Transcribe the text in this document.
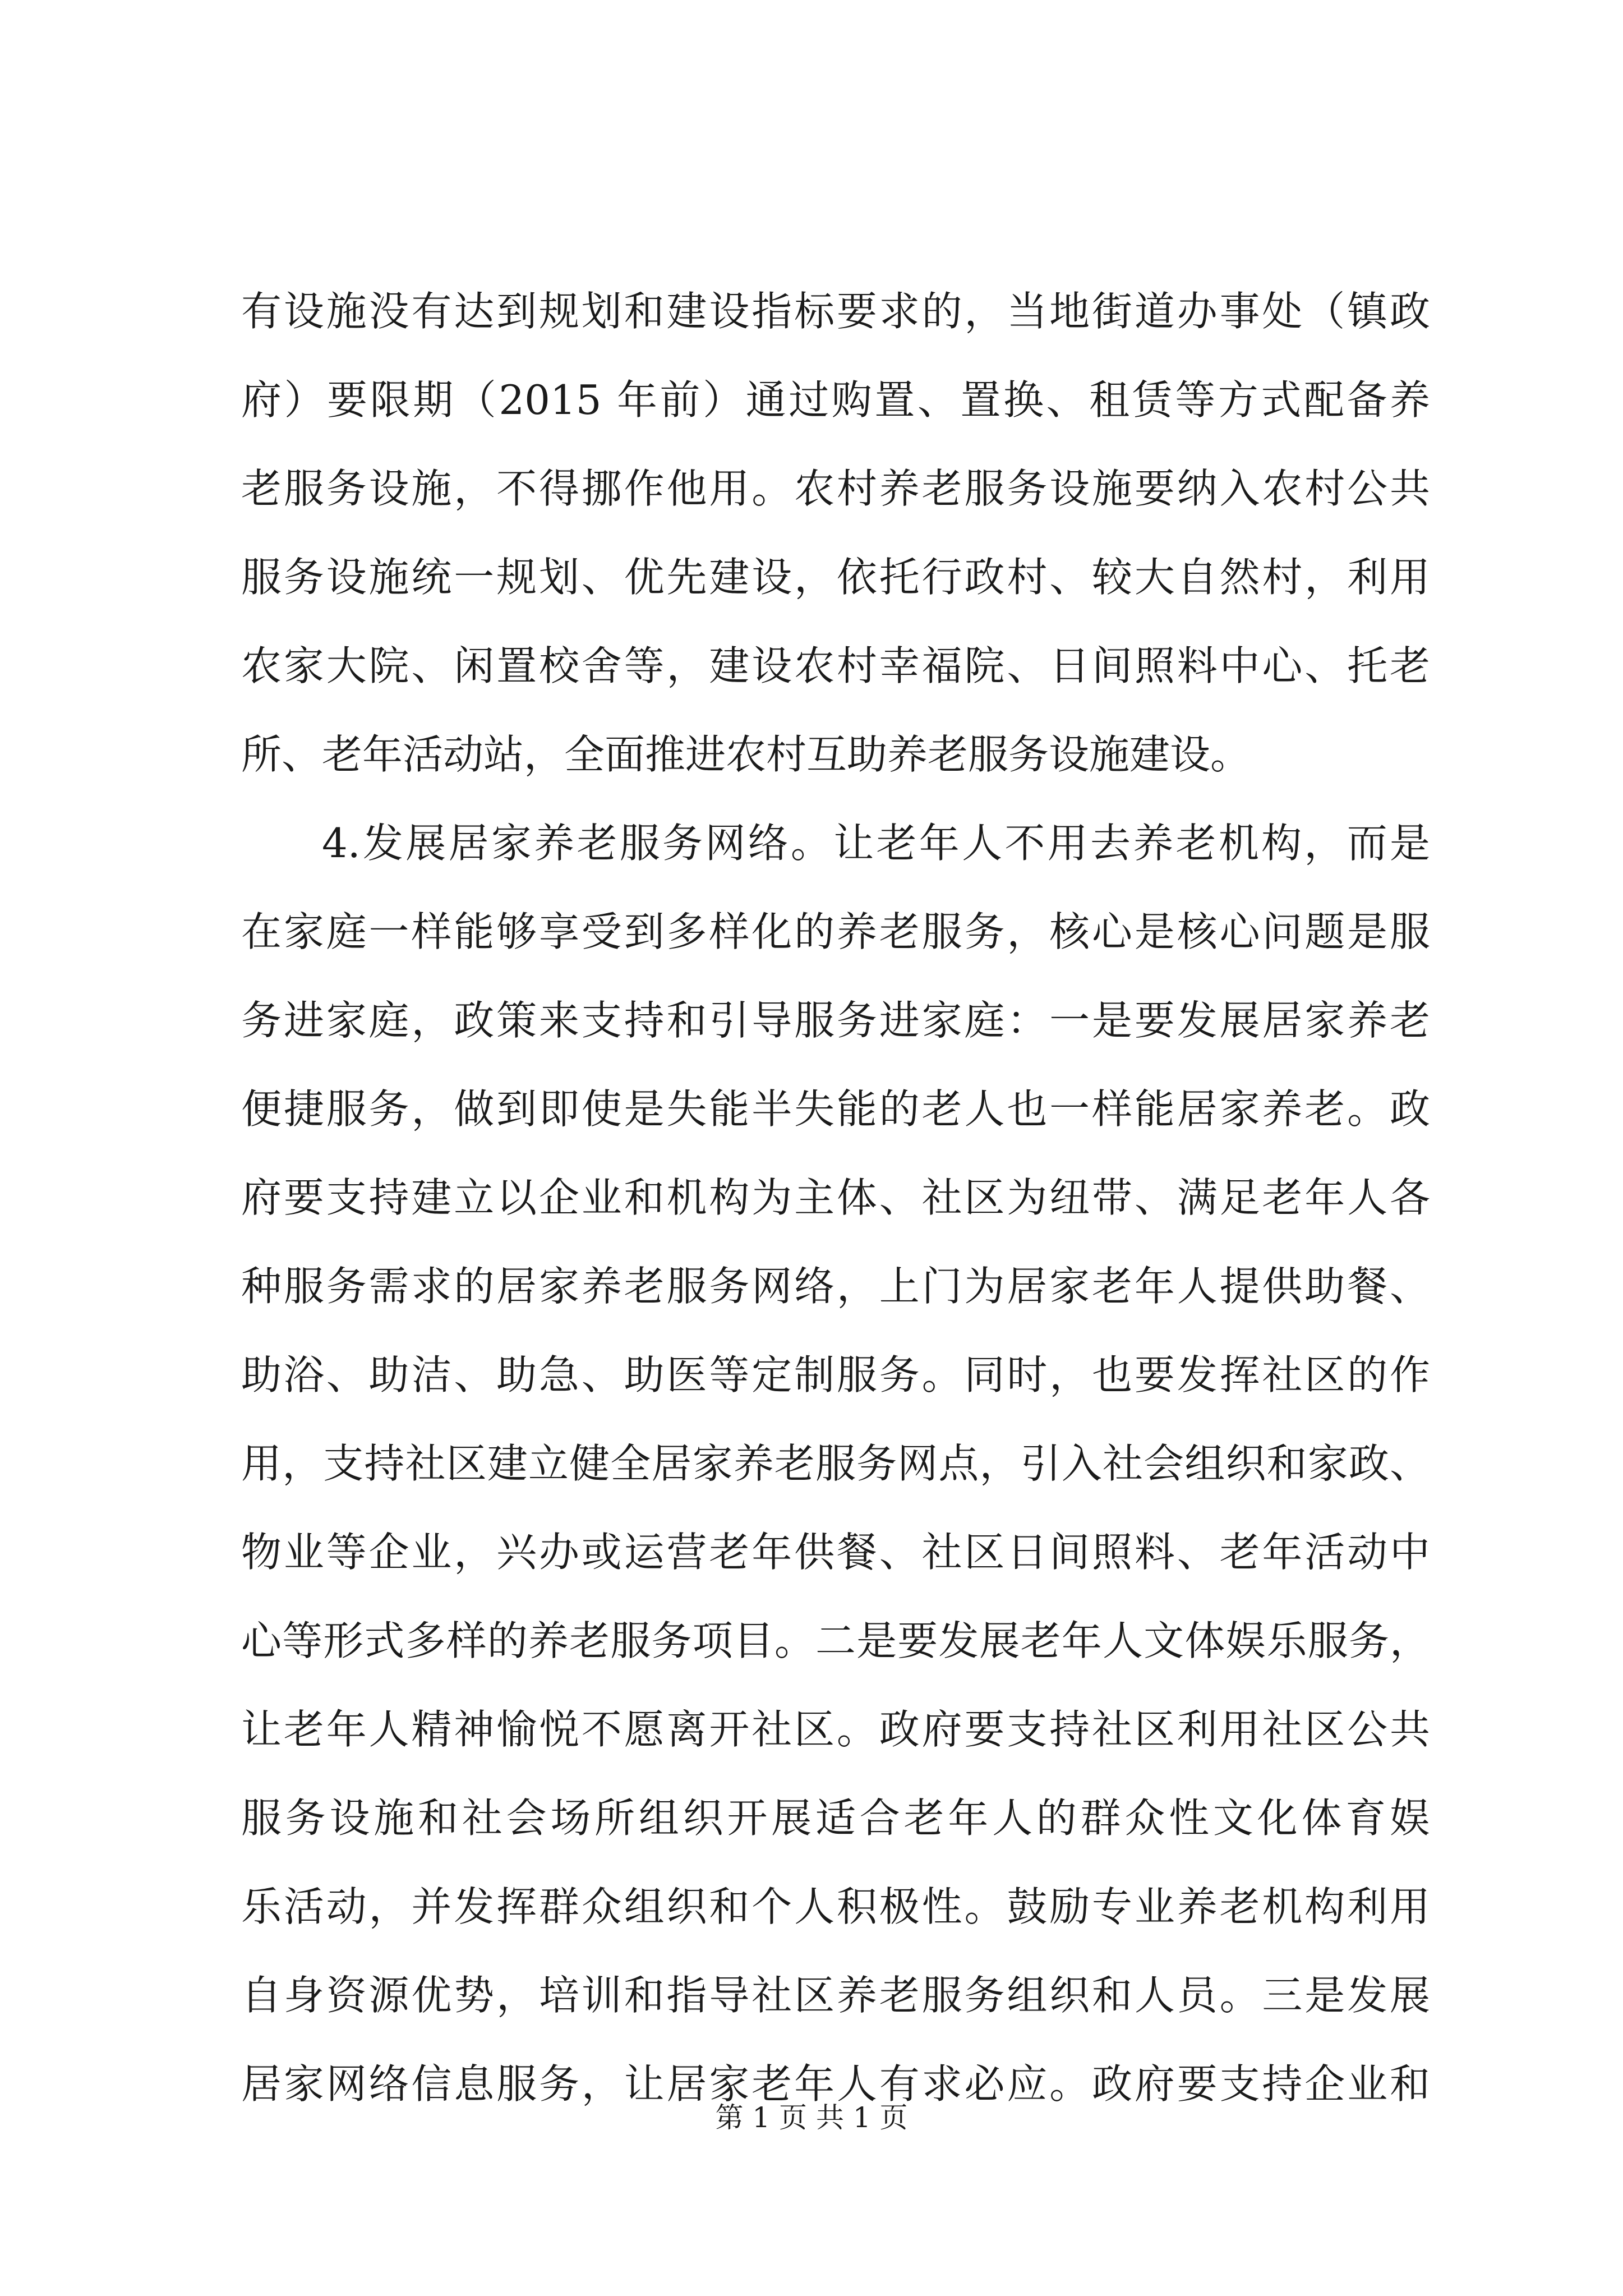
有设施没有达到规划和建设指标要求的，当地街道办事处（镇政
府）要限期（2015 年前）通过购置、置换、租赁等方式配备养
老服务设施，不得挪作他用。农村养老服务设施要纳入农村公共
服务设施统一规划、优先建设，依托行政村、较大自然村，利用
农家大院、闲置校舍等，建设农村幸福院、日间照料中心、托老
所、老年活动站，全面推进农村互助养老服务设施建设。
4.发展居家养老服务网络。让老年人不用去养老机构，而是
在家庭一样能够享受到多样化的养老服务，核心是核心问题是服
务进家庭，政策来支持和引导服务进家庭：一是要发展居家养老
便捷服务，做到即使是失能半失能的老人也一样能居家养老。政
府要支持建立以企业和机构为主体、社区为纽带、满足老年人各
种服务需求的居家养老服务网络，上门为居家老年人提供助餐、
助浴、助洁、助急、助医等定制服务。同时，也要发挥社区的作
用，支持社区建立健全居家养老服务网点，引入社会组织和家政、
物业等企业，兴办或运营老年供餐、社区日间照料、老年活动中
心等形式多样的养老服务项目。二是要发展老年人文体娱乐服务，
让老年人精神愉悦不愿离开社区。政府要支持社区利用社区公共
服务设施和社会场所组织开展适合老年人的群众性文化体育娱
乐活动，并发挥群众组织和个人积极性。鼓励专业养老机构利用
自身资源优势，培训和指导社区养老服务组织和人员。三是发展
居家网络信息服务，让居家老年人有求必应。政府要支持企业和
第 1 页 共 1 页
